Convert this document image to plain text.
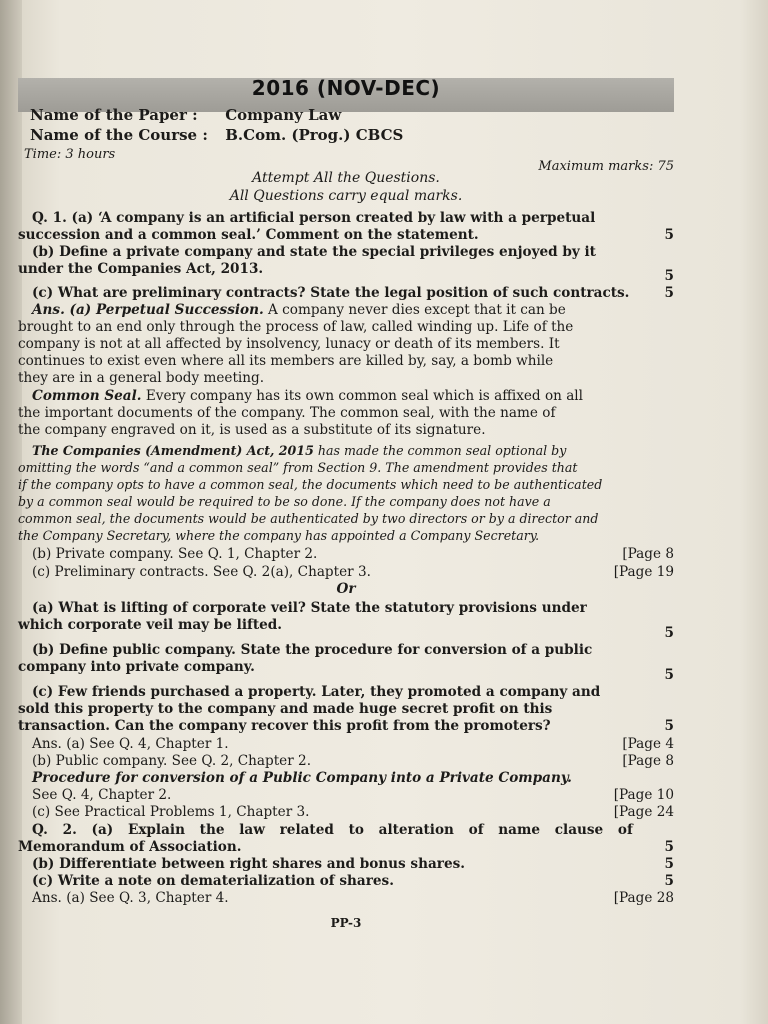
2016 (NOV-DEC)
Name of the Paper : Company Law
Name of the Course : B.Com. (Prog.) CBCS
Time: 3 hours
Maximum marks: 75
Attempt All the Questions.
All Questions carry equal marks.
Q. 1. (a) ‘A company is an artificial person created by law with a perpetual
succession and a common seal.’ Comment on the statement.	5
(b) Define a private company and state the special privileges enjoyed by it
under the Companies Act, 2013.	5
(c) What are preliminary contracts? State the legal position of such contracts.	5
Ans. (a) Perpetual Succession. A company never dies except that it can be
brought to an end only through the process of law, called winding up. Life of the
company is not at all affected by insolvency, lunacy or death of its members. It
continues to exist even where all its members are killed by, say, a bomb while
they are in a general body meeting.
Common Seal. Every company has its own common seal which is affixed on all
the important documents of the company. The common seal, with the name of
the company engraved on it, is used as a substitute of its signature.
The Companies (Amendment) Act, 2015 has made the common seal optional by
omitting the words “and a common seal” from Section 9. The amendment provides that
if the company opts to have a common seal, the documents which need to be authenticated
by a common seal would be required to be so done. If the company does not have a
common seal, the documents would be authenticated by two directors or by a director and
the Company Secretary, where the company has appointed a Company Secretary.
(b) Private company. See Q. 1, Chapter 2.	[Page 8
(c) Preliminary contracts. See Q. 2(a), Chapter 3.	[Page 19
Or
(a) What is lifting of corporate veil? State the statutory provisions under
which corporate veil may be lifted.	5
(b) Define public company. State the procedure for conversion of a public
company into private company.	5
(c) Few friends purchased a property. Later, they promoted a company and
sold this property to the company and made huge secret profit on this
transaction. Can the company recover this profit from the promoters?	5
Ans. (a) See Q. 4, Chapter 1.	[Page 4
(b) Public company. See Q. 2, Chapter 2.	[Page 8
Procedure for conversion of a Public Company into a Private Company.
See Q. 4, Chapter 2.	[Page 10
(c) See Practical Problems 1, Chapter 3.	[Page 24
Q. 2. (a) Explain the law related to alteration of name clause of
Memorandum of Association.	5
(b) Differentiate between right shares and bonus shares.	5
(c) Write a note on dematerialization of shares.	5
Ans. (a) See Q. 3, Chapter 4.	[Page 28
PP-3
